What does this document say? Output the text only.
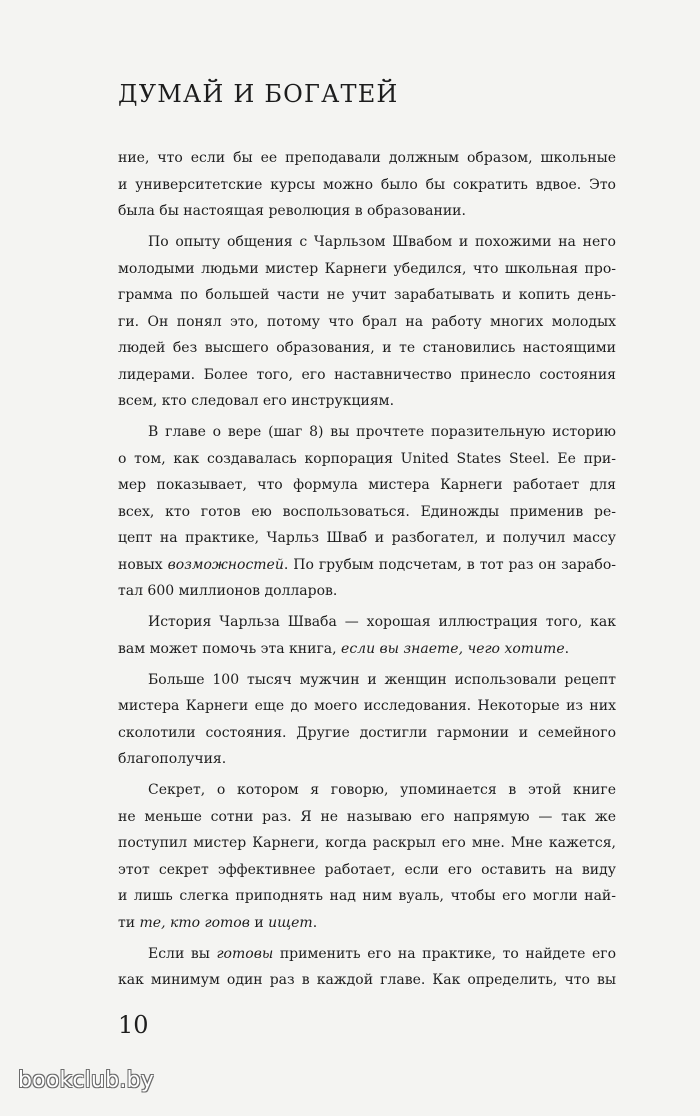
ДУМАЙ И БОГАТЕЙ
ние, что если бы ее преподавали должным образом, школьные
и университетские курсы можно было бы сократить вдвое. Это
была бы настоящая революция в образовании.
По опыту общения с Чарльзом Швабом и похожими на него
молодыми людьми мистер Карнеги убедился, что школьная про-
грамма по большей части не учит зарабатывать и копить день-
ги. Он понял это, потому что брал на работу многих молодых
людей без высшего образования, и те становились настоящими
лидерами. Более того, его наставничество принесло состояния
всем, кто следовал его инструкциям.
В главе о вере (шаг 8) вы прочтете поразительную историю
о том, как создавалась корпорация United States Steel. Ее при-
мер показывает, что формула мистера Карнеги работает для
всех, кто готов ею воспользоваться. Единожды применив ре-
цепт на практике, Чарльз Шваб и разбогател, и получил массу
новых возможностей. По грубым подсчетам, в тот раз он зарабо-
тал 600 миллионов долларов.
История Чарльза Шваба — хорошая иллюстрация того, как
вам может помочь эта книга, если вы знаете, чего хотите.
Больше 100 тысяч мужчин и женщин использовали рецепт
мистера Карнеги еще до моего исследования. Некоторые из них
сколотили состояния. Другие достигли гармонии и семейного
благополучия.
Секрет, о котором я говорю, упоминается в этой книге
не меньше сотни раз. Я не называю его напрямую — так же
поступил мистер Карнеги, когда раскрыл его мне. Мне кажется,
этот секрет эффективнее работает, если его оставить на виду
и лишь слегка приподнять над ним вуаль, чтобы его могли най-
ти те, кто готов и ищет.
Если вы готовы применить его на практике, то найдете его
как минимум один раз в каждой главе. Как определить, что вы
10
bookclub.by
